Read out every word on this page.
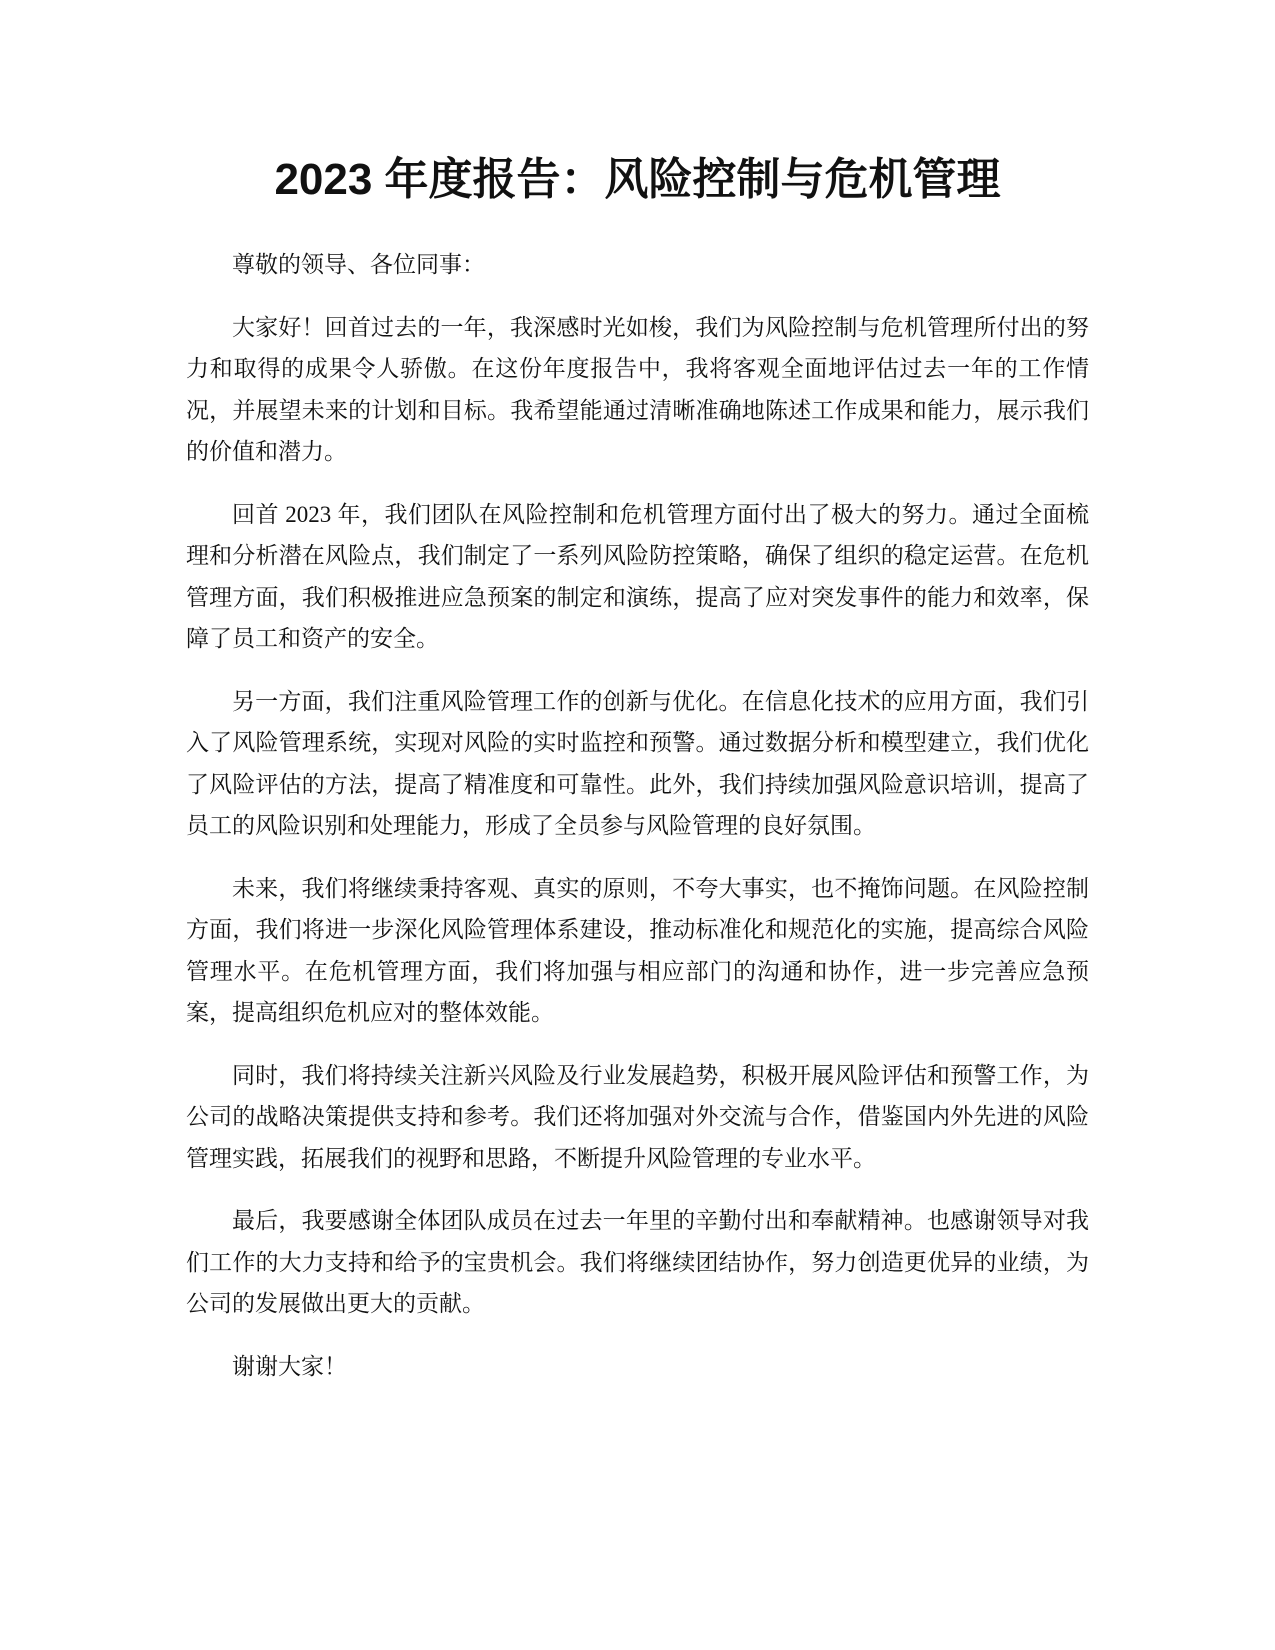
2023 年度报告：风险控制与危机管理

尊敬的领导、各位同事：

大家好！回首过去的一年，我深感时光如梭，我们为风险控制与危机管理所付出的努力和取得的成果令人骄傲。在这份年度报告中，我将客观全面地评估过去一年的工作情况，并展望未来的计划和目标。我希望能通过清晰准确地陈述工作成果和能力，展示我们的价值和潜力。

回首 2023 年，我们团队在风险控制和危机管理方面付出了极大的努力。通过全面梳理和分析潜在风险点，我们制定了一系列风险防控策略，确保了组织的稳定运营。在危机管理方面，我们积极推进应急预案的制定和演练，提高了应对突发事件的能力和效率，保障了员工和资产的安全。

另一方面，我们注重风险管理工作的创新与优化。在信息化技术的应用方面，我们引入了风险管理系统，实现对风险的实时监控和预警。通过数据分析和模型建立，我们优化了风险评估的方法，提高了精准度和可靠性。此外，我们持续加强风险意识培训，提高了员工的风险识别和处理能力，形成了全员参与风险管理的良好氛围。

未来，我们将继续秉持客观、真实的原则，不夸大事实，也不掩饰问题。在风险控制方面，我们将进一步深化风险管理体系建设，推动标准化和规范化的实施，提高综合风险管理水平。在危机管理方面，我们将加强与相应部门的沟通和协作，进一步完善应急预案，提高组织危机应对的整体效能。

同时，我们将持续关注新兴风险及行业发展趋势，积极开展风险评估和预警工作，为公司的战略决策提供支持和参考。我们还将加强对外交流与合作，借鉴国内外先进的风险管理实践，拓展我们的视野和思路，不断提升风险管理的专业水平。

最后，我要感谢全体团队成员在过去一年里的辛勤付出和奉献精神。也感谢领导对我们工作的大力支持和给予的宝贵机会。我们将继续团结协作，努力创造更优异的业绩，为公司的发展做出更大的贡献。

谢谢大家！
